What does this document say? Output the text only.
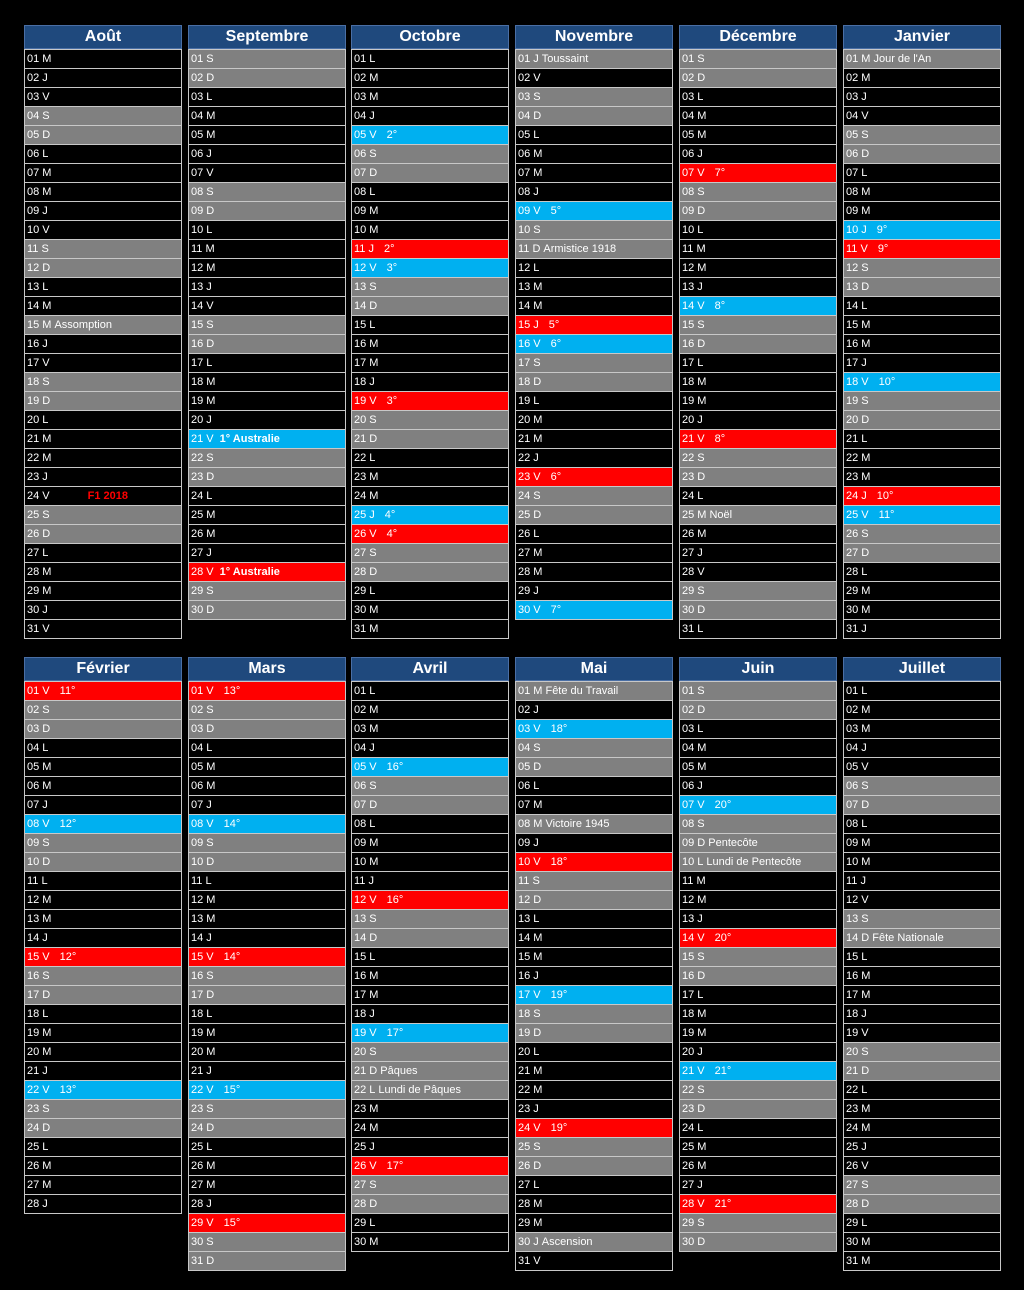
Août
01 M
02 J
03 V
04 S
05 D
06 L
07 M
08 M
09 J
10 V
11 S
12 D
13 L
14 M
15 M Assomption
16 J
17 V
18 S
19 D
20 L
21 M
22 M
23 J
24 V	F1 2018
25 S
26 D
27 L
28 M
29 M
30 J
31 V
Septembre
01 S
02 D
03 L
04 M
05 M
06 J
07 V
08 S
09 D
10 L
11 M
12 M
13 J
14 V
15 S
16 D
17 L
18 M
19 M
20 J
21 V 1° Australie
22 S
23 D
24 L
25 M
26 M
27 J
28 V 1° Australie
29 S
30 D
Octobre
01 L
02 M
03 M
04 J
05 V 2°
06 S
07 D
08 L
09 M
10 M
11 J 2°
12 V 3°
13 S
14 D
15 L
16 M
17 M
18 J
19 V 3°
20 S
21 D
22 L
23 M
24 M
25 J 4°
26 V 4°
27 S
28 D
29 L
30 M
31 M
Novembre
01 J Toussaint
02 V
03 S
04 D
05 L
06 M
07 M
08 J
09 V 5°
10 S
11 D Armistice 1918
12 L
13 M
14 M
15 J 5°
16 V 6°
17 S
18 D
19 L
20 M
21 M
22 J
23 V 6°
24 S
25 D
26 L
27 M
28 M
29 J
30 V 7°
Décembre
01 S
02 D
03 L
04 M
05 M
06 J
07 V 7°
08 S
09 D
10 L
11 M
12 M
13 J
14 V 8°
15 S
16 D
17 L
18 M
19 M
20 J
21 V 8°
22 S
23 D
24 L
25 M Noël
26 M
27 J
28 V
29 S
30 D
31 L
Janvier
01 M Jour de l'An
02 M
03 J
04 V
05 S
06 D
07 L
08 M
09 M
10 J 9°
11 V 9°
12 S
13 D
14 L
15 M
16 M
17 J
18 V 10°
19 S
20 D
21 L
22 M
23 M
24 J 10°
25 V 11°
26 S
27 D
28 L
29 M
30 M
31 J
Février
01 V 11°
02 S
03 D
04 L
05 M
06 M
07 J
08 V 12°
09 S
10 D
11 L
12 M
13 M
14 J
15 V 12°
16 S
17 D
18 L
19 M
20 M
21 J
22 V 13°
23 S
24 D
25 L
26 M
27 M
28 J
Mars
01 V 13°
02 S
03 D
04 L
05 M
06 M
07 J
08 V 14°
09 S
10 D
11 L
12 M
13 M
14 J
15 V 14°
16 S
17 D
18 L
19 M
20 M
21 J
22 V 15°
23 S
24 D
25 L
26 M
27 M
28 J
29 V 15°
30 S
31 D
Avril
01 L
02 M
03 M
04 J
05 V 16°
06 S
07 D
08 L
09 M
10 M
11 J
12 V 16°
13 S
14 D
15 L
16 M
17 M
18 J
19 V 17°
20 S
21 D Pâques
22 L Lundi de Pâques
23 M
24 M
25 J
26 V 17°
27 S
28 D
29 L
30 M
Mai
01 M Fête du Travail
02 J
03 V 18°
04 S
05 D
06 L
07 M
08 M Victoire 1945
09 J
10 V 18°
11 S
12 D
13 L
14 M
15 M
16 J
17 V 19°
18 S
19 D
20 L
21 M
22 M
23 J
24 V 19°
25 S
26 D
27 L
28 M
29 M
30 J Ascension
31 V
Juin
01 S
02 D
03 L
04 M
05 M
06 J
07 V 20°
08 S
09 D Pentecôte
10 L Lundi de Pentecôte
11 M
12 M
13 J
14 V 20°
15 S
16 D
17 L
18 M
19 M
20 J
21 V 21°
22 S
23 D
24 L
25 M
26 M
27 J
28 V 21°
29 S
30 D
Juillet
01 L
02 M
03 M
04 J
05 V
06 S
07 D
08 L
09 M
10 M
11 J
12 V
13 S
14 D Fête Nationale
15 L
16 M
17 M
18 J
19 V
20 S
21 D
22 L
23 M
24 M
25 J
26 V
27 S
28 D
29 L
30 M
31 M
